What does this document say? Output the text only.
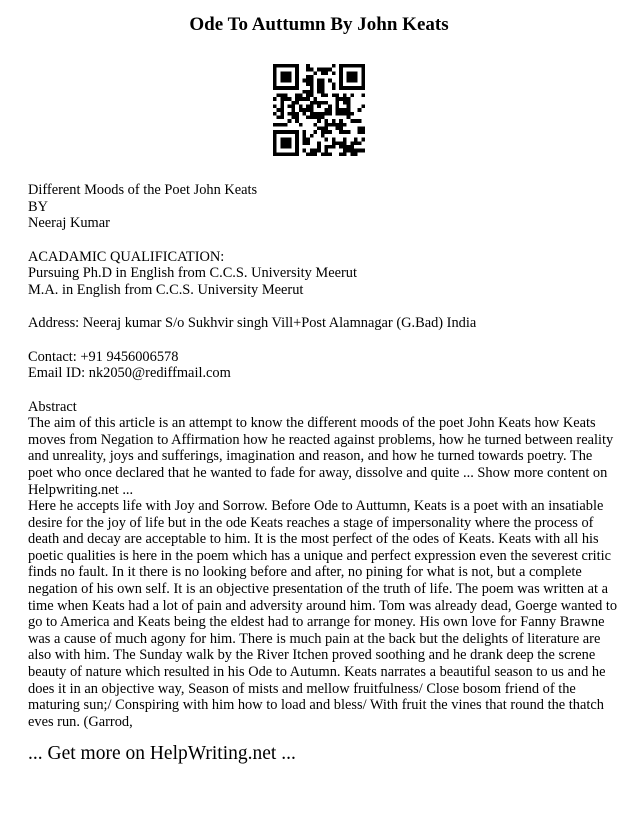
Ode To Auttumn By John Keats
Different Moods of the Poet John Keats
BY
Neeraj Kumar
ACADAMIC QUALIFICATION:
Pursuing Ph.D in English from C.C.S. University Meerut
M.A. in English from C.C.S. University Meerut
Address: Neeraj kumar S/o Sukhvir singh Vill+Post Alamnagar (G.Bad) India
Contact: +91 9456006578
Email ID: nk2050@rediffmail.com
Abstract
The aim of this article is an attempt to know the different moods of the poet John Keats how Keats
moves from Negation to Affirmation how he reacted against problems, how he turned between reality
and unreality, joys and sufferings, imagination and reason, and how he turned towards poetry. The
poet who once declared that he wanted to fade for away, dissolve and quite ... Show more content on
Helpwriting.net ...
Here he accepts life with Joy and Sorrow. Before Ode to Auttumn, Keats is a poet with an insatiable
desire for the joy of life but in the ode Keats reaches a stage of impersonality where the process of
death and decay are acceptable to him. It is the most perfect of the odes of Keats. Keats with all his
poetic qualities is here in the poem which has a unique and perfect expression even the severest critic
finds no fault. In it there is no looking before and after, no pining for what is not, but a complete
negation of his own self. It is an objective presentation of the truth of life. The poem was written at a
time when Keats had a lot of pain and adversity around him. Tom was already dead, Goerge wanted to
go to America and Keats being the eldest had to arrange for money. His own love for Fanny Brawne
was a cause of much agony for him. There is much pain at the back but the delights of literature are
also with him. The Sunday walk by the River Itchen proved soothing and he drank deep the screne
beauty of nature which resulted in his Ode to Autumn. Keats narrates a beautiful season to us and he
does it in an objective way, Season of mists and mellow fruitfulness/ Close bosom friend of the
maturing sun;/ Conspiring with him how to load and bless/ With fruit the vines that round the thatch
eves run. (Garrod,
... Get more on HelpWriting.net ...
